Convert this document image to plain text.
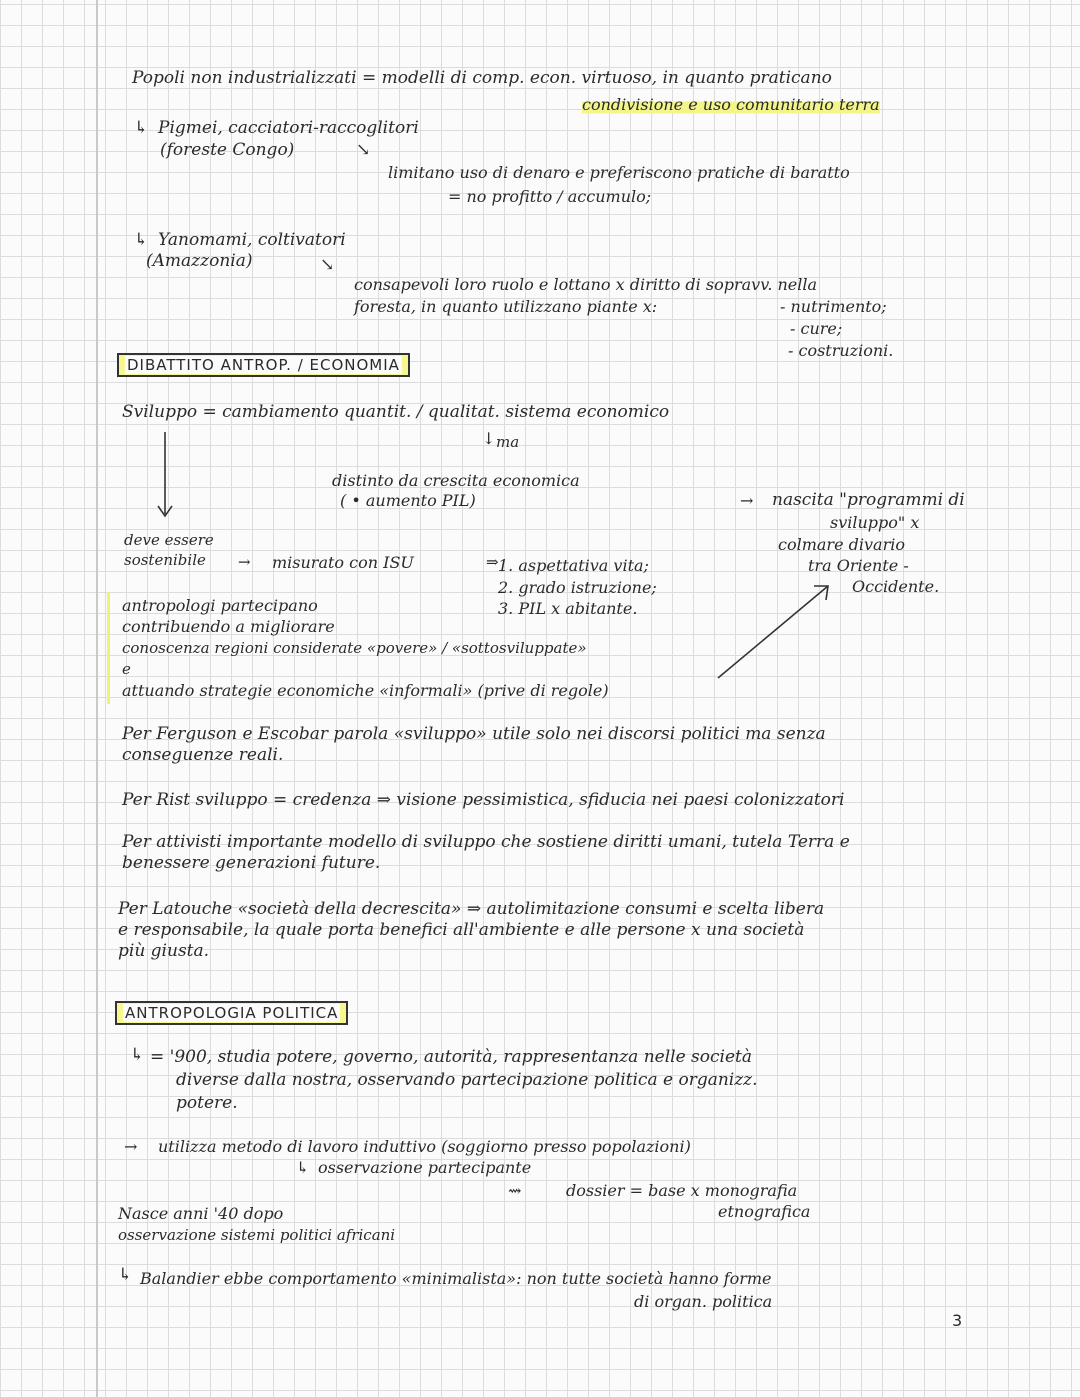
Popoli non industrializzati = modelli di comp. econ. virtuoso, in quanto praticano
condivisione e uso comunitario terra
↳ Pigmei, cacciatori-raccoglitori
(foreste Congo)	↘
limitano uso di denaro e preferiscono pratiche di baratto
= no profitto / accumulo;
↳ Yanomami, coltivatori
(Amazzonia)	↘
consapevoli loro ruolo e lottano x diritto di sopravv. nella
foresta, in quanto utilizzano piante x:	- nutrimento;
- cure;
- costruzioni.
DIBATTITO ANTROP. / ECONOMIA
Sviluppo = cambiamento quantit. / qualitat. sistema economico
↓ ma
distinto da crescita economica
( • aumento PIL)	→ nascita "programmi di
sviluppo" x
colmare divario
tra Oriente -
Occidente.
deve essere
sostenibile → misurato con ISU	⇒ 1. aspettativa vita;
2. grado istruzione;
3. PIL x abitante.
antropologi partecipano
contribuendo a migliorare
conoscenza regioni considerate «povere» / «sottosviluppate»
e
attuando strategie economiche «informali» (prive di regole)
Per Ferguson e Escobar parola «sviluppo» utile solo nei discorsi politici ma senza
conseguenze reali.
Per Rist sviluppo = credenza ⇒ visione pessimistica, sfiducia nei paesi colonizzatori
Per attivisti importante modello di sviluppo che sostiene diritti umani, tutela Terra e
benessere generazioni future.
Per Latouche «società della decrescita» ⇒ autolimitazione consumi e scelta libera
e responsabile, la quale porta benefici all'ambiente e alle persone x una società
più giusta.
ANTROPOLOGIA POLITICA
↳ = '900, studia potere, governo, autorità, rappresentanza nelle società
diverse dalla nostra, osservando partecipazione politica e organizz.
potere.
→ utilizza metodo di lavoro induttivo (soggiorno presso popolazioni)
↳ osservazione partecipante
⇝	dossier = base x monografia
etnografica
Nasce anni '40 dopo
osservazione sistemi politici africani
↳ Balandier ebbe comportamento «minimalista»: non tutte società hanno forme
di organ. politica
3
